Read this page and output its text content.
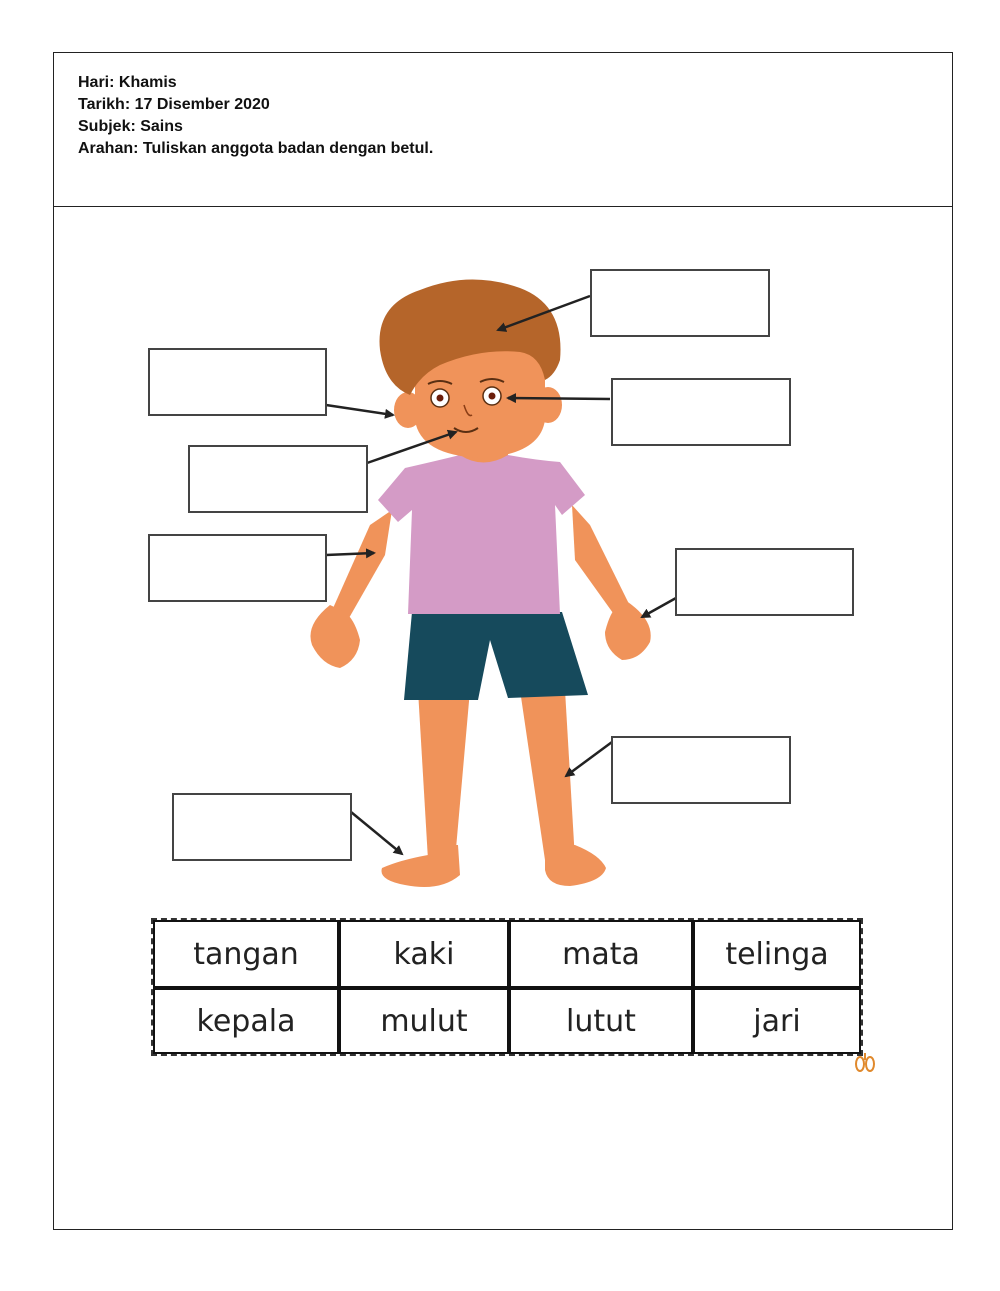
Hari: Khamis
Tarikh: 17 Disember 2020
Subjek: Sains
Arahan: Tuliskan anggota badan dengan betul.
tangan	kaki	mata	telinga
kepala	mulut	lutut	jari
